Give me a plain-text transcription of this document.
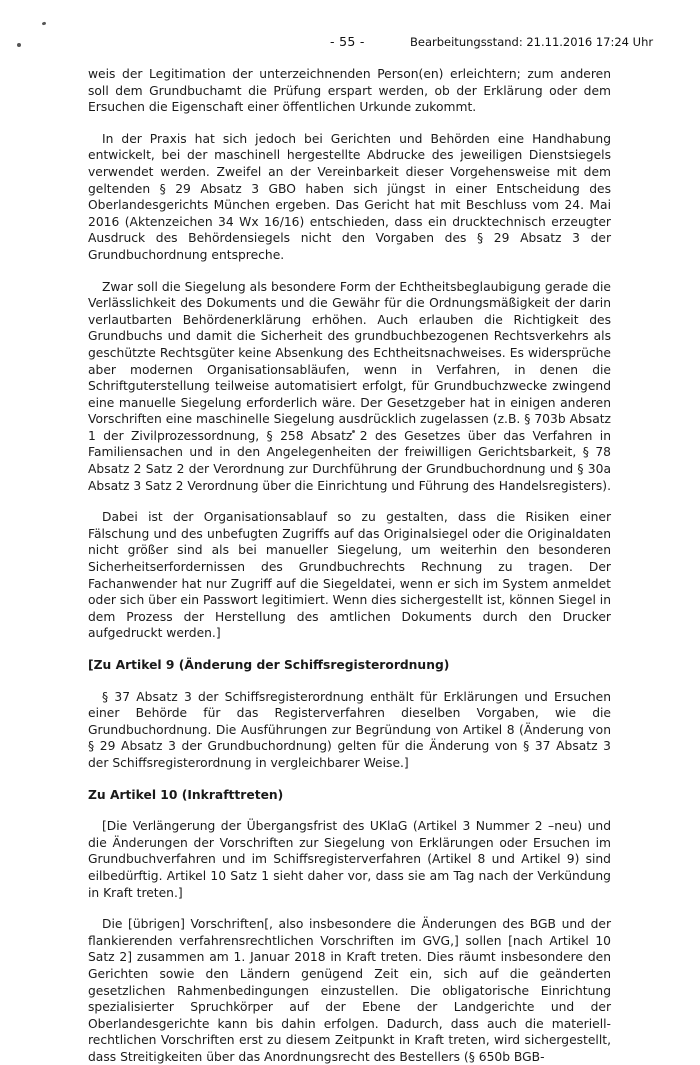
- 55 -	Bearbeitungsstand: 21.11.2016 17:24 Uhr

weis der Legitimation der unterzeichnenden Person(en) erleichtern; zum anderen soll dem Grundbuchamt die Prüfung erspart werden, ob der Erklärung oder dem Ersuchen die Eigenschaft einer öffentlichen Urkunde zukommt.

In der Praxis hat sich jedoch bei Gerichten und Behörden eine Handhabung entwickelt, bei der maschinell hergestellte Abdrucke des jeweiligen Dienstsiegels verwendet werden. Zweifel an der Vereinbarkeit dieser Vorgehensweise mit dem geltenden § 29 Absatz 3 GBO haben sich jüngst in einer Entscheidung des Oberlandesgerichts München ergeben. Das Gericht hat mit Beschluss vom 24. Mai 2016 (Aktenzeichen 34 Wx 16/16) entschieden, dass ein drucktechnisch erzeugter Ausdruck des Behördensiegels nicht den Vorgaben des § 29 Absatz 3 der Grundbuchordnung entspreche.

Zwar soll die Siegelung als besondere Form der Echtheitsbeglaubigung gerade die Verlässlichkeit des Dokuments und die Gewähr für die Ordnungsmäßigkeit der darin verlautbarten Behördenerklärung erhöhen. Auch erlauben die Richtigkeit des Grundbuchs und damit die Sicherheit des grundbuchbezogenen Rechtsverkehrs als geschützte Rechtsgüter keine Absenkung des Echtheitsnachweises. Es widersprüche aber modernen Organisationsabläufen, wenn in Verfahren, in denen die Schriftguterstellung teilweise automatisiert erfolgt, für Grundbuchzwecke zwingend eine manuelle Siegelung erforderlich wäre. Der Gesetzgeber hat in einigen anderen Vorschriften eine maschinelle Siegelung ausdrücklich zugelassen (z.B. § 703b Absatz 1 der Zivilprozessordnung, § 258 Absatz 2 des Gesetzes über das Verfahren in Familiensachen und in den Angelegenheiten der freiwilligen Gerichtsbarkeit, § 78 Absatz 2 Satz 2 der Verordnung zur Durchführung der Grundbuchordnung und § 30a Absatz 3 Satz 2 Verordnung über die Einrichtung und Führung des Handelsregisters).

Dabei ist der Organisationsablauf so zu gestalten, dass die Risiken einer Fälschung und des unbefugten Zugriffs auf das Originalsiegel oder die Originaldaten nicht größer sind als bei manueller Siegelung, um weiterhin den besonderen Sicherheitserfordernissen des Grundbuchrechts Rechnung zu tragen. Der Fachanwender hat nur Zugriff auf die Siegeldatei, wenn er sich im System anmeldet oder sich über ein Passwort legitimiert. Wenn dies sichergestellt ist, können Siegel in dem Prozess der Herstellung des amtlichen Dokuments durch den Drucker aufgedruckt werden.]

[Zu Artikel 9 (Änderung der Schiffsregisterordnung)

§ 37 Absatz 3 der Schiffsregisterordnung enthält für Erklärungen und Ersuchen einer Behörde für das Registerverfahren dieselben Vorgaben, wie die Grundbuchordnung. Die Ausführungen zur Begründung von Artikel 8 (Änderung von § 29 Absatz 3 der Grundbuchordnung) gelten für die Änderung von § 37 Absatz 3 der Schiffsregisterordnung in vergleichbarer Weise.]

Zu Artikel 10 (Inkrafttreten)

[Die Verlängerung der Übergangsfrist des UKlaG (Artikel 3 Nummer 2 –neu) und die Änderungen der Vorschriften zur Siegelung von Erklärungen oder Ersuchen im Grundbuchverfahren und im Schiffsregisterverfahren (Artikel 8 und Artikel 9) sind eilbedürftig. Artikel 10 Satz 1 sieht daher vor, dass sie am Tag nach der Verkündung in Kraft treten.]

Die [übrigen] Vorschriften[, also insbesondere die Änderungen des BGB und der flankierenden verfahrensrechtlichen Vorschriften im GVG,] sollen [nach Artikel 10 Satz 2] zusammen am 1. Januar 2018 in Kraft treten. Dies räumt insbesondere den Gerichten sowie den Ländern genügend Zeit ein, sich auf die geänderten gesetzlichen Rahmenbedingungen einzustellen. Die obligatorische Einrichtung spezialisierter Spruchkörper auf der Ebene der Landgerichte und der Oberlandesgerichte kann bis dahin erfolgen. Dadurch, dass auch die materiell-rechtlichen Vorschriften erst zu diesem Zeitpunkt in Kraft treten, wird sichergestellt, dass Streitigkeiten über das Anordnungsrecht des Bestellers (§ 650b BGB-
